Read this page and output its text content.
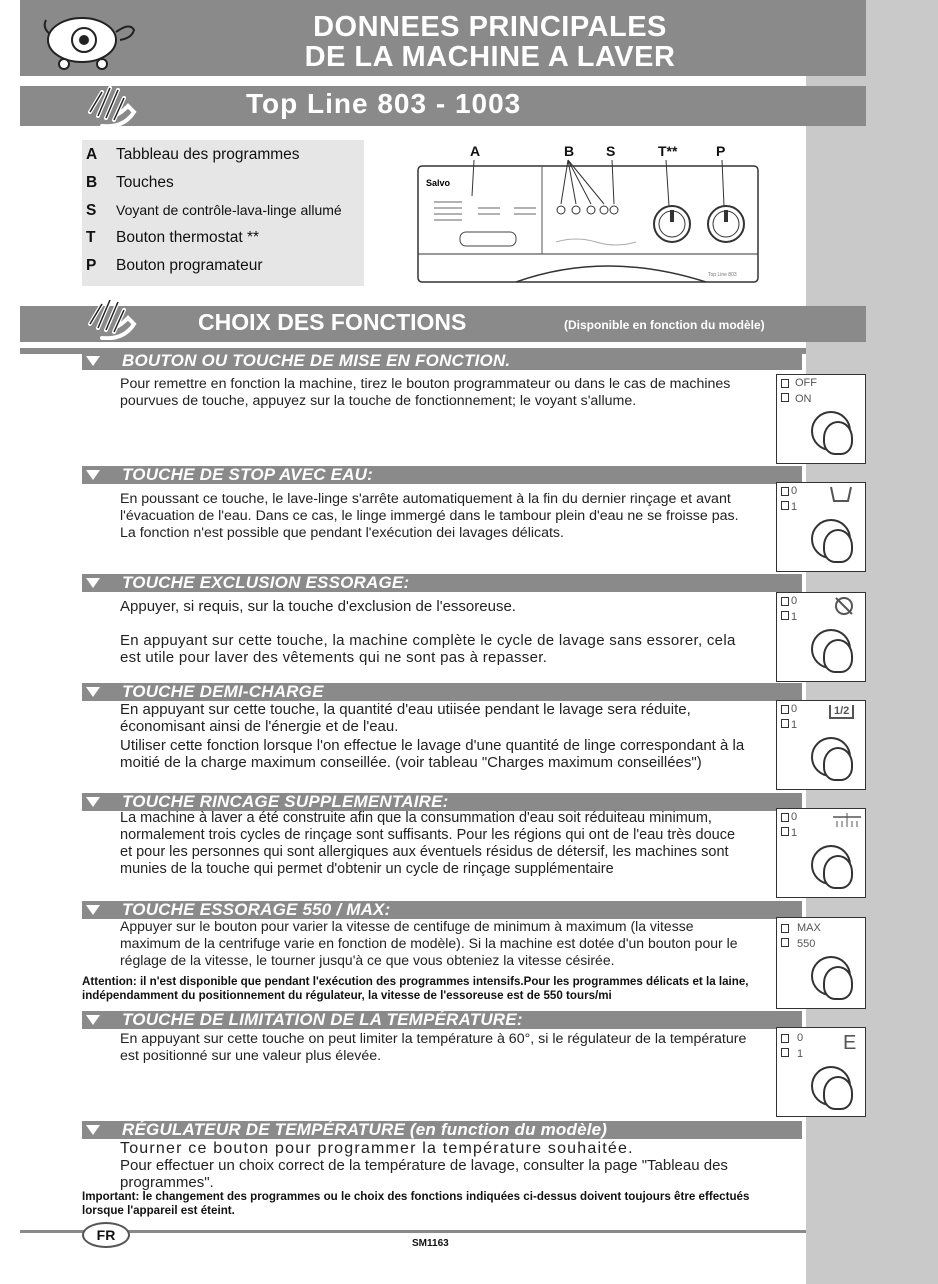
DONNEES PRINCIPALES
DE LA MACHINE A LAVER
Top Line 803 - 1003
A Tabbleau des programmes
B Touches
S Voyant de contrôle-lava-linge allumé
T Bouton thermostat **
P Bouton programateur
A	B S	T**	P
Salvo
Top Line 803
CHOIX DES FONCTIONS	(Disponible en fonction du modèle)
BOUTON OU TOUCHE DE MISE EN FONCTION.
Pour remettre en fonction la machine, tirez le bouton programmateur ou dans le cas de machines pourvues de touche, appuyez sur la touche de fonctionnement; le voyant s'allume.
OFF
ON
TOUCHE DE STOP AVEC EAU:
En poussant ce touche, le lave-linge s'arrête automatiquement à la fin du dernier rinçage et avant l'évacuation de l'eau. Dans ce cas, le linge immergé dans le tambour plein d'eau ne se froisse pas. La fonction n'est possible que pendant l'exécution dei lavages délicats.
0
1
TOUCHE EXCLUSION ESSORAGE:
Appuyer, si requis, sur la touche d'exclusion de l'essoreuse.
En appuyant sur cette touche, la machine complète le cycle de lavage sans essorer, cela est utile pour laver des vêtements qui ne sont pas à repasser.
0
1
TOUCHE DEMI-CHARGE
En appuyant sur cette touche, la quantité d'eau utiisée pendant le lavage sera réduite, économisant ainsi de l'énergie et de l'eau.
Utiliser cette fonction lorsque l'on effectue le lavage d'une quantité de linge correspondant à la moitié de la charge maximum conseillée. (voir tableau "Charges maximum conseillées")
0
1
1/2
TOUCHE RINCAGE SUPPLEMENTAIRE:
La machine à laver a été construite afin que la consummation d'eau soit réduiteau minimum, normalement trois cycles de rinçage sont suffisants. Pour les régions qui ont de l'eau très douce et pour les personnes qui sont allergiques aux éventuels résidus de détersif, les machines sont munies de la touche qui permet d'obtenir un cycle de rinçage supplémentaire
0
1
TOUCHE ESSORAGE 550 / MAX:
Appuyer sur le bouton pour varier la vitesse de centifuge de minimum à maximum (la vitesse maximum de la centrifuge varie en fonction de modèle). Si la machine est dotée d'un bouton pour le réglage de la vitesse, le tourner jusqu'à ce que vous obteniez la vitesse césirée.
Attention: il n'est disponible que pendant l'exécution des programmes intensifs.Pour les programmes délicats et la laine, indépendamment du positionnement du régulateur, la vitesse de l'essoreuse est de 550 tours/mi
MAX
550
TOUCHE DE LIMITATION DE LA TEMPÉRATURE:
En appuyant sur cette touche on peut limiter la température à 60°, si le régulateur de la température est positionné sur une valeur plus élevée.
0
1 E
RÉGULATEUR DE TEMPÉRATURE (en function du modèle)
Tourner ce bouton pour programmer la température souhaitée.
Pour effectuer un choix correct de la température de lavage, consulter la page "Tableau des programmes".
Important: le changement des programmes ou le choix des fonctions indiquées ci-dessus doivent toujours être effectués lorsque l'appareil est éteint.
FR
SM1163
